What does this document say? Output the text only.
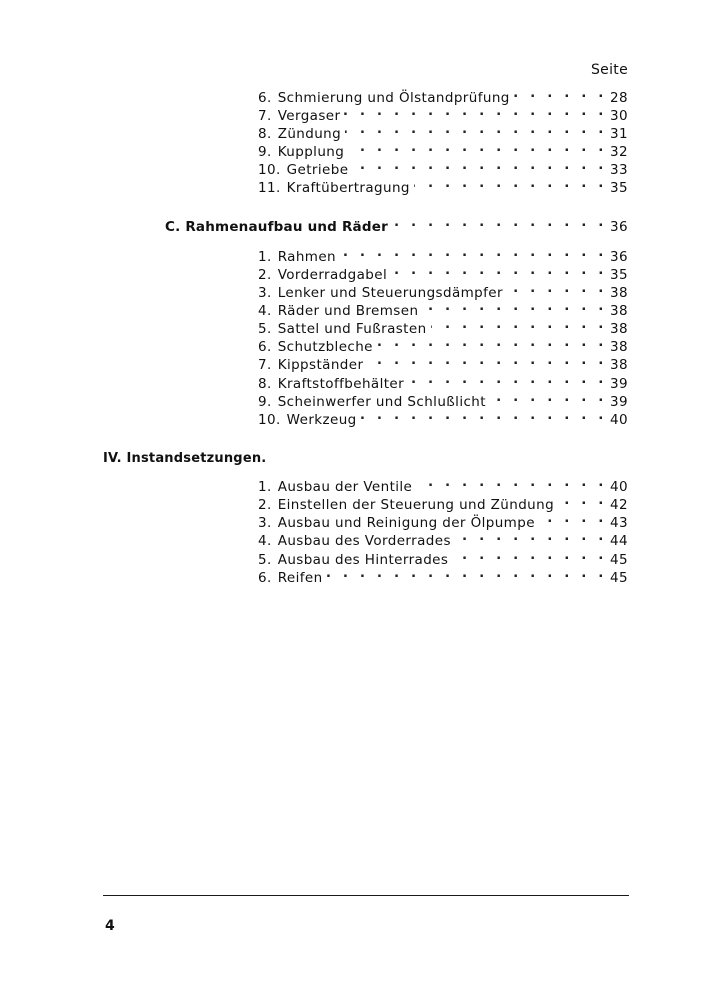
Seite
6. Schmierung und Ölstandprüfung . . .	28
7. Vergaser . . .	30
8. Zündung . . .	31
9. Kupplung . . .	32
10. Getriebe . . .	33
11. Kraftübertragung . . .	35
C. Rahmenaufbau und Räder . . .	36
1. Rahmen . . .	36
2. Vorderradgabel . . .	35
3. Lenker und Steuerungsdämpfer . . .	38
4. Räder und Bremsen . . .	38
5. Sattel und Fußrasten . . .	38
6. Schutzbleche . . .	38
7. Kippständer . . .	38
8. Kraftstoffbehälter . . .	39
9. Scheinwerfer und Schlußlicht . . .	39
10. Werkzeug . . .	40
IV. Instandsetzungen.
1. Ausbau der Ventile . . .	40
2. Einstellen der Steuerung und Zündung . . .	42
3. Ausbau und Reinigung der Ölpumpe . . .	43
4. Ausbau des Vorderrades . . .	44
5. Ausbau des Hinterrades . . .	45
6. Reifen . . .	45
4
